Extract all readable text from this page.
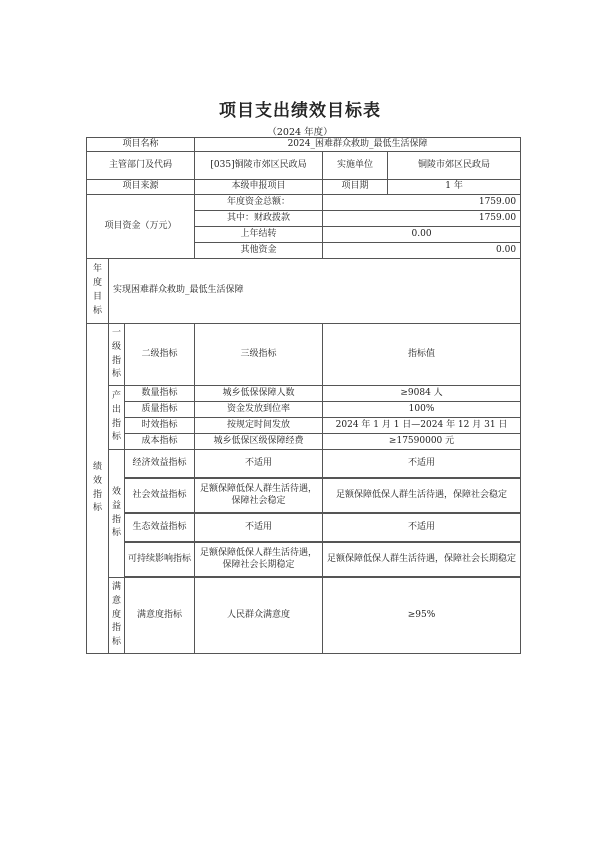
项目支出绩效目标表
（2024 年度）
项目名称			2024_困难群众救助_最低生活保障		
主管部门及代码			[035]铜陵市郊区民政局	实施单位	铜陵市郊区民政局
项目来源			本级申报项目	项目期	1 年
项目资金（万元）			年度资金总额：	1759.00	
			其中：财政拨款	1759.00	
			上年结转	0.00	
			其他资金	0.00	
年度目标	实现困难群众救助_最低生活保障				
绩效指标	一级指标	二级指标	三级指标	指标值	
	产出指标	数量指标	城乡低保保障人数	≥9084 人	
		质量指标	资金发放到位率	100%	
		时效指标	按规定时间发放	2024 年 1 月 1 日—2024 年 12 月 31 日	
		成本指标	城乡低保区级保障经费	≥17590000 元	
	效益指标	经济效益指标	不适用	不适用	

		社会效益指标	足额保障低保人群生活待遇，保障社会稳定	足额保障低保人群生活待遇，保障社会稳定	

		生态效益指标	不适用	不适用	

		可持续影响指标	足额保障低保人群生活待遇，保障社会长期稳定	足额保障低保人群生活待遇，保障社会长期稳定	

	满意度指标	满意度指标	人民群众满意度	≥95%	
